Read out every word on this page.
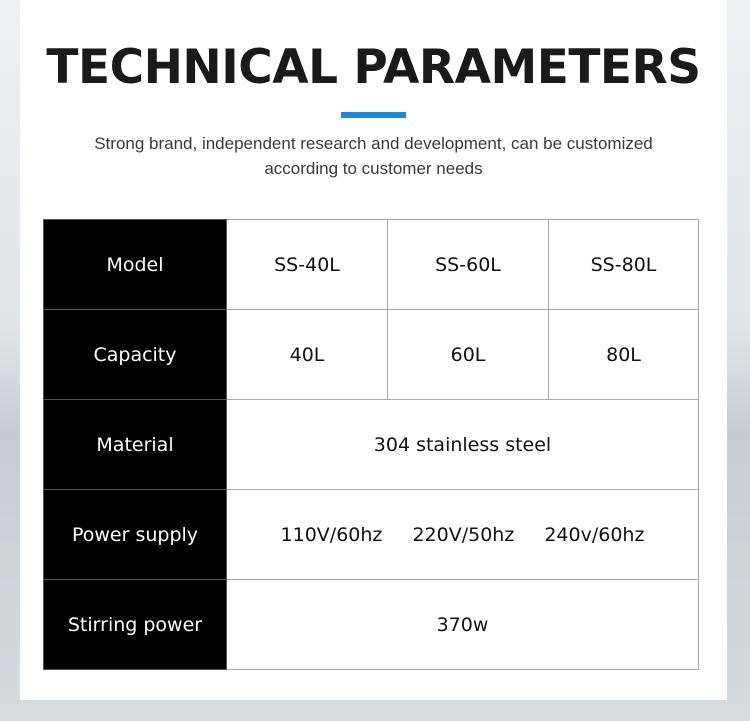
TECHNICAL PARAMETERS
Strong brand, independent research and development, can be customized
according to customer needs
Model	SS-40L	SS-60L	SS-80L
Capacity	40L	60L	80L
Material	304 stainless steel		
Power supply	110V/60hz 220V/50hz 240v/60hz		
Stirring power	370w		
